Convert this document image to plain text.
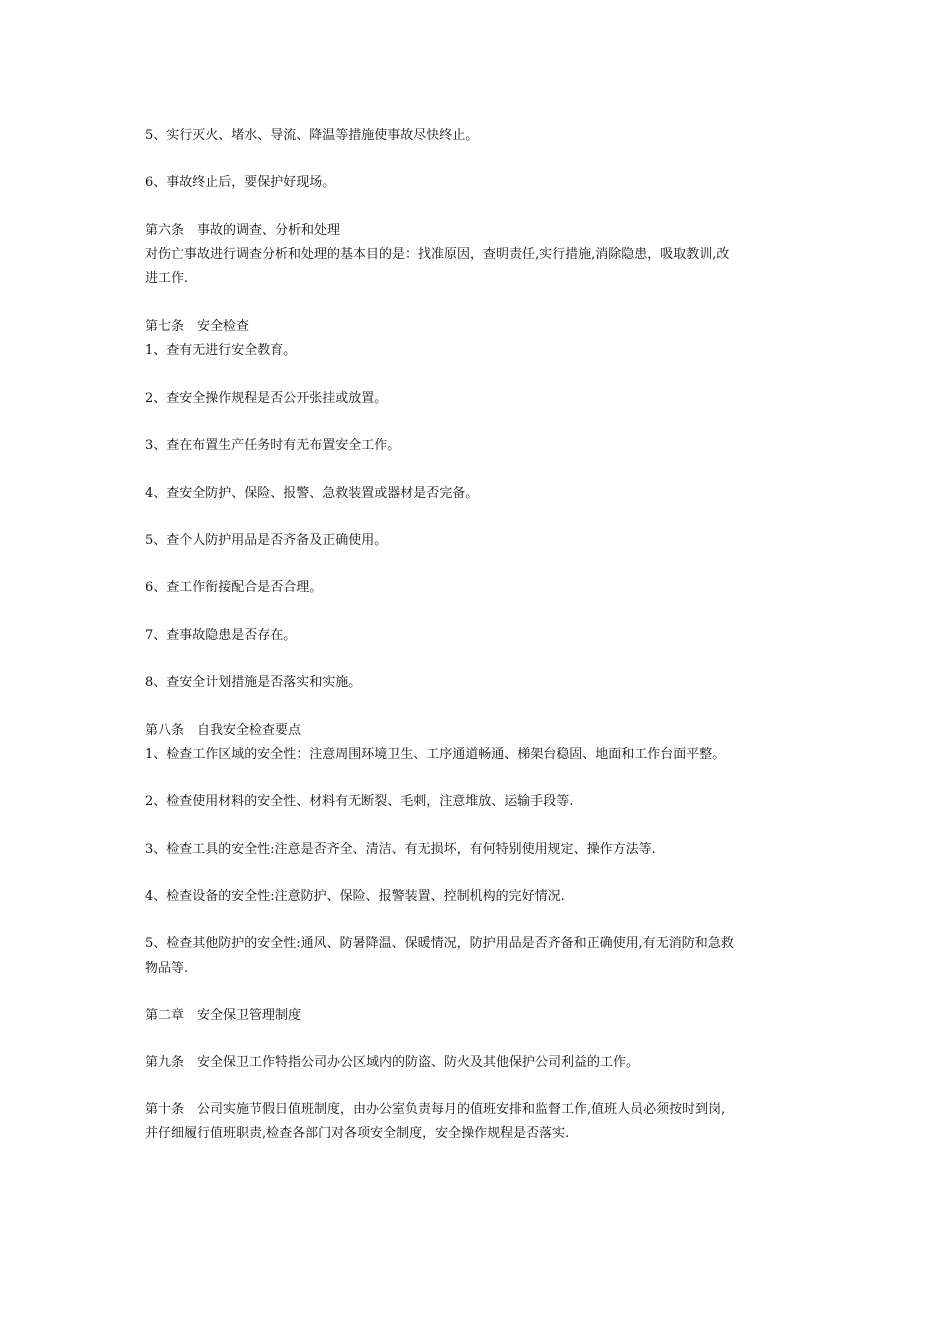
5、实行灭火、堵水、导流、降温等措施使事故尽快终止。
6、事故终止后，要保护好现场。
第六条　事故的调查、分析和处理
对伤亡事故进行调查分析和处理的基本目的是：找准原因，查明责任,实行措施,消除隐患，吸取教训,改
进工作.
第七条　安全检查
1、查有无进行安全教育。
2、查安全操作规程是否公开张挂或放置。
3、查在布置生产任务时有无布置安全工作。
4、查安全防护、保险、报警、急救装置或器材是否完备。
5、查个人防护用品是否齐备及正确使用。
6、查工作衔接配合是否合理。
7、查事故隐患是否存在。
8、查安全计划措施是否落实和实施。
第八条　自我安全检查要点
1、检查工作区域的安全性：注意周围环境卫生、工序通道畅通、梯架台稳固、地面和工作台面平整。
2、检查使用材料的安全性、材料有无断裂、毛刺，注意堆放、运输手段等.
3、检查工具的安全性:注意是否齐全、清洁、有无损坏，有何特别使用规定、操作方法等.
4、检查设备的安全性:注意防护、保险、报警装置、控制机构的完好情况.
5、检查其他防护的安全性:通风、防暑降温、保暖情况，防护用品是否齐备和正确使用,有无消防和急救
物品等.
第二章　安全保卫管理制度
第九条　安全保卫工作特指公司办公区域内的防盗、防火及其他保护公司利益的工作。
第十条　公司实施节假日值班制度，由办公室负责每月的值班安排和监督工作,值班人员必须按时到岗,
并仔细履行值班职责,检查各部门对各项安全制度，安全操作规程是否落实.
